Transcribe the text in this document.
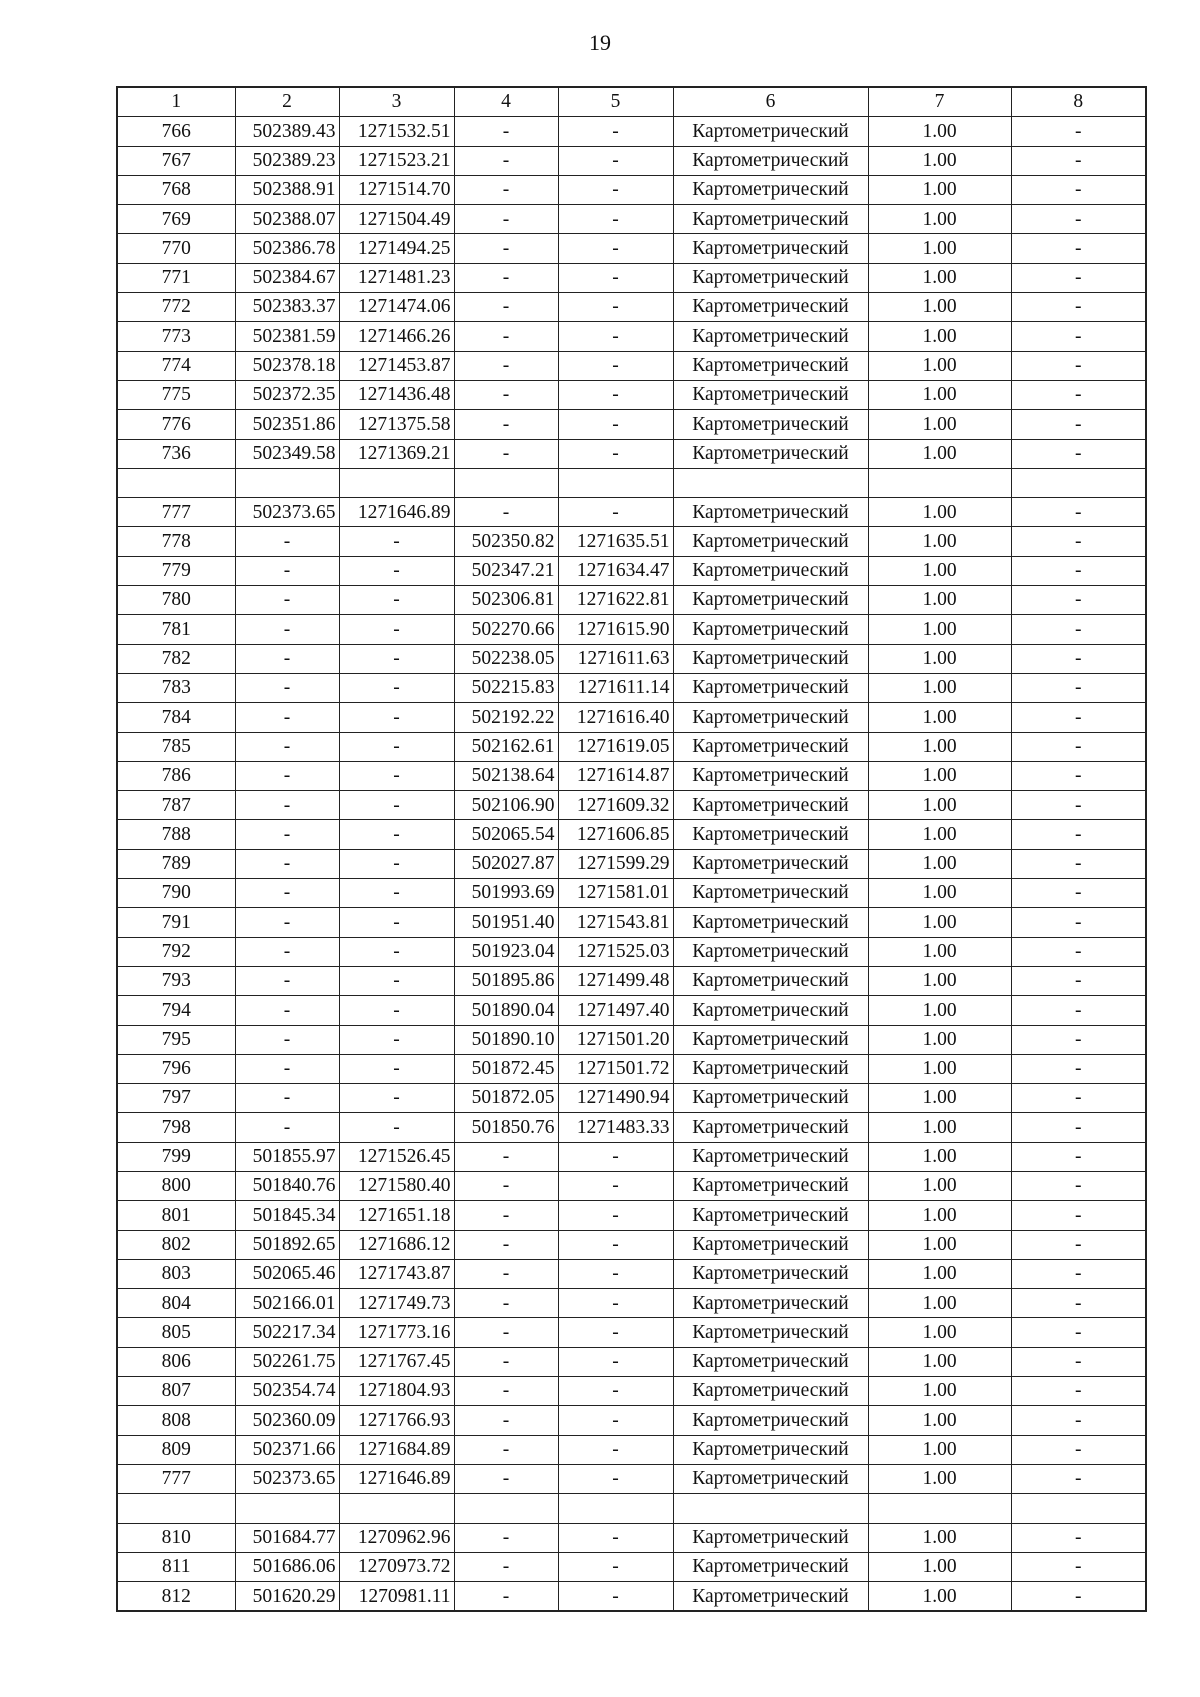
19
1	2	3	4	5	6	7	8
766	502389.43	1271532.51	-	-	Картометрический	1.00	-
767	502389.23	1271523.21	-	-	Картометрический	1.00	-
768	502388.91	1271514.70	-	-	Картометрический	1.00	-
769	502388.07	1271504.49	-	-	Картометрический	1.00	-
770	502386.78	1271494.25	-	-	Картометрический	1.00	-
771	502384.67	1271481.23	-	-	Картометрический	1.00	-
772	502383.37	1271474.06	-	-	Картометрический	1.00	-
773	502381.59	1271466.26	-	-	Картометрический	1.00	-
774	502378.18	1271453.87	-	-	Картометрический	1.00	-
775	502372.35	1271436.48	-	-	Картометрический	1.00	-
776	502351.86	1271375.58	-	-	Картометрический	1.00	-
736	502349.58	1271369.21	-	-	Картометрический	1.00	-

777	502373.65	1271646.89	-	-	Картометрический	1.00	-
778	-	-	502350.82	1271635.51	Картометрический	1.00	-
779	-	-	502347.21	1271634.47	Картометрический	1.00	-
780	-	-	502306.81	1271622.81	Картометрический	1.00	-
781	-	-	502270.66	1271615.90	Картометрический	1.00	-
782	-	-	502238.05	1271611.63	Картометрический	1.00	-
783	-	-	502215.83	1271611.14	Картометрический	1.00	-
784	-	-	502192.22	1271616.40	Картометрический	1.00	-
785	-	-	502162.61	1271619.05	Картометрический	1.00	-
786	-	-	502138.64	1271614.87	Картометрический	1.00	-
787	-	-	502106.90	1271609.32	Картометрический	1.00	-
788	-	-	502065.54	1271606.85	Картометрический	1.00	-
789	-	-	502027.87	1271599.29	Картометрический	1.00	-
790	-	-	501993.69	1271581.01	Картометрический	1.00	-
791	-	-	501951.40	1271543.81	Картометрический	1.00	-
792	-	-	501923.04	1271525.03	Картометрический	1.00	-
793	-	-	501895.86	1271499.48	Картометрический	1.00	-
794	-	-	501890.04	1271497.40	Картометрический	1.00	-
795	-	-	501890.10	1271501.20	Картометрический	1.00	-
796	-	-	501872.45	1271501.72	Картометрический	1.00	-
797	-	-	501872.05	1271490.94	Картометрический	1.00	-
798	-	-	501850.76	1271483.33	Картометрический	1.00	-
799	501855.97	1271526.45	-	-	Картометрический	1.00	-
800	501840.76	1271580.40	-	-	Картометрический	1.00	-
801	501845.34	1271651.18	-	-	Картометрический	1.00	-
802	501892.65	1271686.12	-	-	Картометрический	1.00	-
803	502065.46	1271743.87	-	-	Картометрический	1.00	-
804	502166.01	1271749.73	-	-	Картометрический	1.00	-
805	502217.34	1271773.16	-	-	Картометрический	1.00	-
806	502261.75	1271767.45	-	-	Картометрический	1.00	-
807	502354.74	1271804.93	-	-	Картометрический	1.00	-
808	502360.09	1271766.93	-	-	Картометрический	1.00	-
809	502371.66	1271684.89	-	-	Картометрический	1.00	-
777	502373.65	1271646.89	-	-	Картометрический	1.00	-

810	501684.77	1270962.96	-	-	Картометрический	1.00	-
811	501686.06	1270973.72	-	-	Картометрический	1.00	-
812	501620.29	1270981.11	-	-	Картометрический	1.00	-
